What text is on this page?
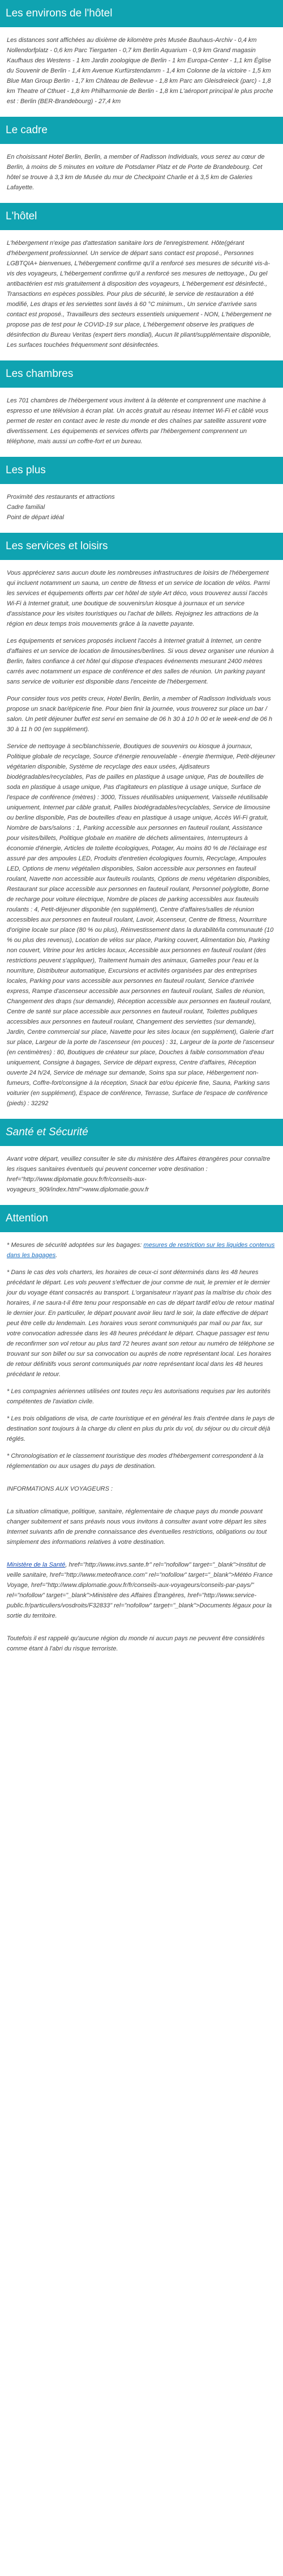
Les environs de l'hôtel

Les distances sont affichées au dixième de kilomètre près Musée Bauhaus-Archiv - 0,4 km Nollendorfplatz - 0,6 km Parc Tiergarten - 0,7 km Berlin Aquarium - 0,9 km Grand magasin Kaufhaus des Westens - 1 km Jardin zoologique de Berlin - 1 km Europa-Center - 1,1 km Église du Souvenir de Berlin - 1,4 km Avenue Kurfürstendamm - 1,4 km Colonne de la victoire - 1,5 km Blue Man Group Berlin - 1,7 km Château de Bellevue - 1,8 km Parc am Gleisdreieck (parc) - 1,8 km Theatre of Cthuet - 1,8 km Philharmonie de Berlin - 1,8 km L'aéroport principal le plus proche est : Berlin (BER-Brandebourg) - 27,4 km

Le cadre

En choisissant Hotel Berlin, Berlin, a member of Radisson Individuals, vous serez au cœur de Berlin, à moins de 5 minutes en voiture de Potsdamer Platz et de Porte de Brandebourg. Cet hôtel se trouve à 3,3 km de Musée du mur de Checkpoint Charlie et à 3,5 km de Galeries Lafayette.

L'hôtel

L'hébergement n'exige pas d'attestation sanitaire lors de l'enregistrement. Hôte(gérant d'hébergement professionnel. Un service de départ sans contact est proposé., Personnes LGBTQIA+ bienvenues, L'hébergement confirme qu'il a renforcé ses mesures de sécurité vis-à-vis des voyageurs, L'hébergement confirme qu'il a renforcé ses mesures de nettoyage., Du gel antibactérien est mis gratuitement à disposition des voyageurs, L'hébergement est désinfecté., Transactions en espèces possibles. Pour plus de sécurité, le service de restauration a été modifié, Les draps et les serviettes sont lavés à 60 °C minimum., Un service d'arrivée sans contact est proposé., Travailleurs des secteurs essentiels uniquement - NON, L'hébergement ne propose pas de test pour le COVID-19 sur place, L'hébergement observe les pratiques de désinfection du Bureau Veritas (expert tiers mondial), Aucun lit pliant/supplémentaire disponible, Les surfaces touchées fréquemment sont désinfectées.

Les chambres

Les 701 chambres de l'hébergement vous invitent à la détente et comprennent une machine à espresso et une télévision à écran plat. Un accès gratuit au réseau Internet Wi-Fi et câblé vous permet de rester en contact avec le reste du monde et des chaînes par satellite assurent votre divertissement. Les équipements et services offerts par l'hébergement comprennent un téléphone, mais aussi un coffre-fort et un bureau.

Les plus

Proximité des restaurants et attractions
Cadre familial
Point de départ idéal

Les services et loisirs

Vous apprécierez sans aucun doute les nombreuses infrastructures de loisirs de l'hébergement qui incluent notamment un sauna, un centre de fitness et un service de location de vélos. Parmi les services et équipements offerts par cet hôtel de style Art déco, vous trouverez aussi l'accès Wi-Fi à Internet gratuit, une boutique de souvenirs/un kiosque à journaux et un service d'assistance pour les visites touristiques ou l'achat de billets. Rejoignez les attractions de la région en deux temps trois mouvements grâce à la navette payante.

Les équipements et services proposés incluent l'accès à Internet gratuit à Internet, un centre d'affaires et un service de location de limousines/berlines. Si vous devez organiser une réunion à Berlin, faites confiance à cet hôtel qui dispose d'espaces événements mesurant 2400 mètres carrés avec notamment un espace de conférence et des salles de réunion. Un parking payant sans service de voiturier est disponible dans l'enceinte de l'hébergement.

Pour consider tous vos petits creux, Hotel Berlin, Berlin, a member of Radisson Individuals vous propose un snack bar/épicerie fine. Pour bien finir la journée, vous trouverez sur place un bar / salon. Un petit déjeuner buffet est servi en semaine de 06 h 30 à 10 h 00 et le week-end de 06 h 30 à 11 h 00 (en supplément).

Service de nettoyage à sec/blanchisserie, Boutiques de souvenirs ou kiosque à journaux, Politique globale de recyclage, Source d'énergie renouvelable - énergie thermique, Petit-déjeuner végétarien disponible, Système de recyclage des eaux usées, Ajdisateurs biodégradables/recyclables, Pas de pailles en plastique à usage unique, Pas de bouteilles de soda en plastique à usage unique, Pas d'agitateurs en plastique à usage unique, Surface de l'espace de conférence (mètres) : 3000, Tissues réutilisables uniquement, Vaisselle réutilisable uniquement, Internet par câble gratuit, Pailles biodégradables/recyclables, Service de limousine ou berline disponible, Pas de bouteilles d'eau en plastique à usage unique, Accès Wi-Fi gratuit, Nombre de bars/salons : 1, Parking accessible aux personnes en fauteuil roulant, Assistance pour visites/billets, Politique globale en matière de déchets alimentaires, Interrupteurs à économie d'énergie, Articles de toilette écologiques, Potager, Au moins 80 % de l'éclairage est assuré par des ampoules LED, Produits d'entretien écologiques fournis, Recyclage, Ampoules LED, Options de menu végétalien disponibles, Salon accessible aux personnes en fauteuil roulant, Navette non accessible aux fauteuils roulants, Options de menu végétarien disponibles, Restaurant sur place accessible aux personnes en fauteuil roulant, Personnel polyglotte, Borne de recharge pour voiture électrique, Nombre de places de parking accessibles aux fauteuils roulants : 4, Petit-déjeuner disponible (en supplément), Centre d'affaires/salles de réunion accessibles aux personnes en fauteuil roulant, Lavoir, Ascenseur, Centre de fitness, Nourriture d'origine locale sur place (80 % ou plus), Réinvestissement dans la durabilité/la communauté (10 % ou plus des revenus), Location de vélos sur place, Parking couvert, Alimentation bio, Parking non couvert, Vitrine pour les articles locaux, Accessible aux personnes en fauteuil roulant (des restrictions peuvent s'appliquer), Traitement humain des animaux, Gamelles pour l'eau et la nourriture, Distributeur automatique, Excursions et activités organisées par des entreprises locales, Parking pour vans accessible aux personnes en fauteuil roulant, Service d'arrivée express, Rampe d'ascenseur accessible aux personnes en fauteuil roulant, Salles de réunion, Changement des draps (sur demande), Réception accessible aux personnes en fauteuil roulant, Centre de santé sur place accessible aux personnes en fauteuil roulant, Toilettes publiques accessibles aux personnes en fauteuil roulant, Changement des serviettes (sur demande), Jardin, Centre commercial sur place, Navette pour les sites locaux (en supplément), Galerie d'art sur place, Largeur de la porte de l'ascenseur (en pouces) : 31, Largeur de la porte de l'ascenseur (en centimètres) : 80, Boutiques de créateur sur place, Douches à faible consommation d'eau uniquement, Consigne à bagages, Service de départ express, Centre d'affaires, Réception ouverte 24 h/24, Service de ménage sur demande, Soins spa sur place, Hébergement non-fumeurs, Coffre-fort/consigne à la réception, Snack bar et/ou épicerie fine, Sauna, Parking sans voiturier (en supplément), Espace de conférence, Terrasse, Surface de l'espace de conférence (pieds) : 32292

Santé et Sécurité

Avant votre départ, veuillez consulter le site du ministère des Affaires étrangères pour connaître les risques sanitaires éventuels qui peuvent concerner votre destination : href="http://www.diplomatie.gouv.fr/fr/conseils-aux-voyageurs_909/index.html">www.diplomatie.gouv.fr

Attention

* Mesures de sécurité adoptées sur les bagages: mesures de restriction sur les liquides contenus dans les bagages.

* Dans le cas des vols charters, les horaires de ceux-ci sont déterminés dans les 48 heures précédant le départ. Les vols peuvent s'effectuer de jour comme de nuit, le premier et le dernier jour du voyage étant consacrés au transport. L'organisateur n'ayant pas la maîtrise du choix des horaires, il ne saura-t-il être tenu pour responsable en cas de départ tardif et/ou de retour matinal le dernier jour. En particulier, le départ pouvant avoir lieu tard le soir, la date effective de départ peut être celle du lendemain. Les horaires vous seront communiqués par mail ou par fax, sur votre convocation adressée dans les 48 heures précédant le départ. Chaque passager est tenu de reconfirmer son vol retour au plus tard 72 heures avant son retour au numéro de téléphone se trouvant sur son billet ou sur sa convocation ou auprès de notre représentant local. Les horaires de retour définitifs vous seront communiqués par notre représentant local dans les 48 heures précédant le retour.

* Les compagnies aériennes utilisées ont toutes reçu les autorisations requises par les autorités compétentes de l'aviation civile.

* Les trois obligations de visa, de carte touristique et en général les frais d'entrée dans le pays de destination sont toujours à la charge du client en plus du prix du vol, du séjour ou du circuit déjà réglés.

* Chronologisation et le classement touristique des modes d'hébergement correspondent à la réglementation ou aux usages du pays de destination.

INFORMATIONS AUX VOYAGEURS :

La situation climatique, politique, sanitaire, réglementaire de chaque pays du monde pouvant changer subitement et sans préavis nous vous invitons à consulter avant votre départ les sites Internet suivants afin de prendre connaissance des éventuelles restrictions, obligations ou tout simplement des informations relatives à votre destination.

Ministère de la Santé, href="http://www.invs.sante.fr" rel="nofollow" target="_blank">Institut de veille sanitaire, href="http://www.meteofrance.com" rel="nofollow" target="_blank">Météo France Voyage, href="http://www.diplomatie.gouv.fr/fr/conseils-aux-voyageurs/conseils-par-pays/" rel="nofollow" target="_blank">Ministère des Affaires Étrangères, href="http://www.service-public.fr/particuliers/vosdroits/F32833" rel="nofollow" target="_blank">Documents légaux pour la sortie du territoire.

Toutefois il est rappelé qu'aucune région du monde ni aucun pays ne peuvent être considérés comme étant à l'abri du risque terroriste.
